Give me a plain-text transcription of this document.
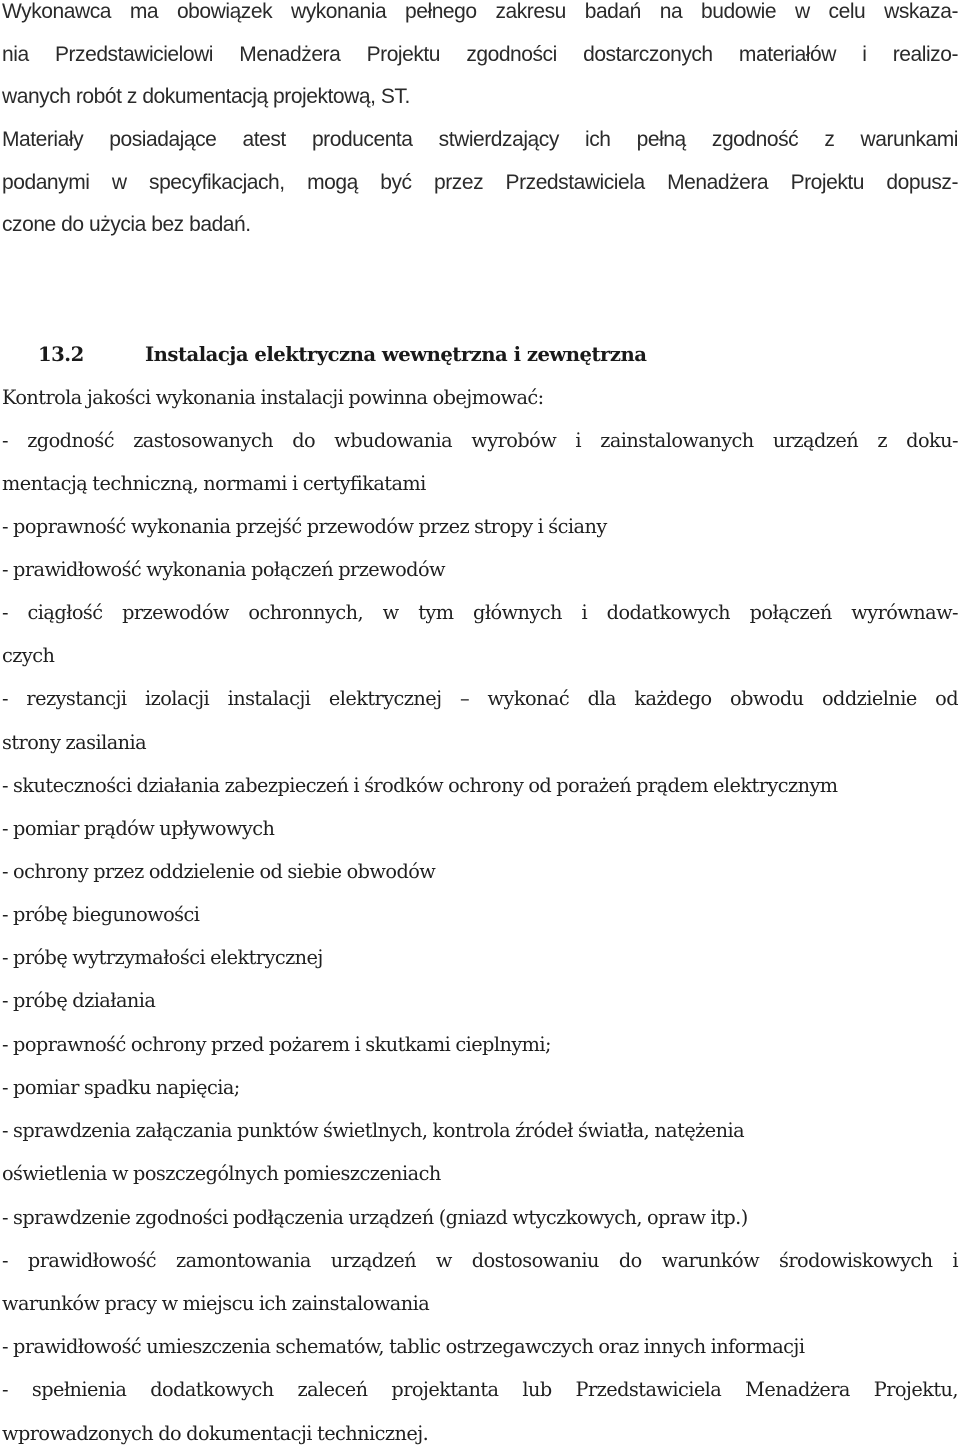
Wykonawca ma obowiązek wykonania pełnego zakresu badań na budowie w celu wskaza-
nia Przedstawicielowi Menadżera Projektu zgodności dostarczonych materiałów i realizo-
wanych robót z dokumentacją projektową, ST.
Materiały posiadające atest producenta stwierdzający ich pełną zgodność z warunkami
podanymi w specyfikacjach, mogą być przez Przedstawiciela Menadżera Projektu dopusz-
czone do użycia bez badań.
13.2	Instalacja elektryczna wewnętrzna i zewnętrzna
Kontrola jakości wykonania instalacji powinna obejmować:
- zgodność zastosowanych do wbudowania wyrobów i zainstalowanych urządzeń z doku-
mentacją techniczną, normami i certyfikatami
- poprawność wykonania przejść przewodów przez stropy i ściany
- prawidłowość wykonania połączeń przewodów
- ciągłość przewodów ochronnych, w tym głównych i dodatkowych połączeń wyrównaw-
czych
- rezystancji izolacji instalacji elektrycznej – wykonać dla każdego obwodu oddzielnie od
strony zasilania
- skuteczności działania zabezpieczeń i środków ochrony od porażeń prądem elektrycznym
- pomiar prądów upływowych
- ochrony przez oddzielenie od siebie obwodów
- próbę biegunowości
- próbę wytrzymałości elektrycznej
- próbę działania
- poprawność ochrony przed pożarem i skutkami cieplnymi;
- pomiar spadku napięcia;
- sprawdzenia załączania punktów świetlnych, kontrola źródeł światła, natężenia
oświetlenia w poszczególnych pomieszczeniach
- sprawdzenie zgodności podłączenia urządzeń (gniazd wtyczkowych, opraw itp.)
- prawidłowość zamontowania urządzeń w dostosowaniu do warunków środowiskowych i
warunków pracy w miejscu ich zainstalowania
- prawidłowość umieszczenia schematów, tablic ostrzegawczych oraz innych informacji
- spełnienia dodatkowych zaleceń projektanta lub Przedstawiciela Menadżera Projektu,
wprowadzonych do dokumentacji technicznej.
